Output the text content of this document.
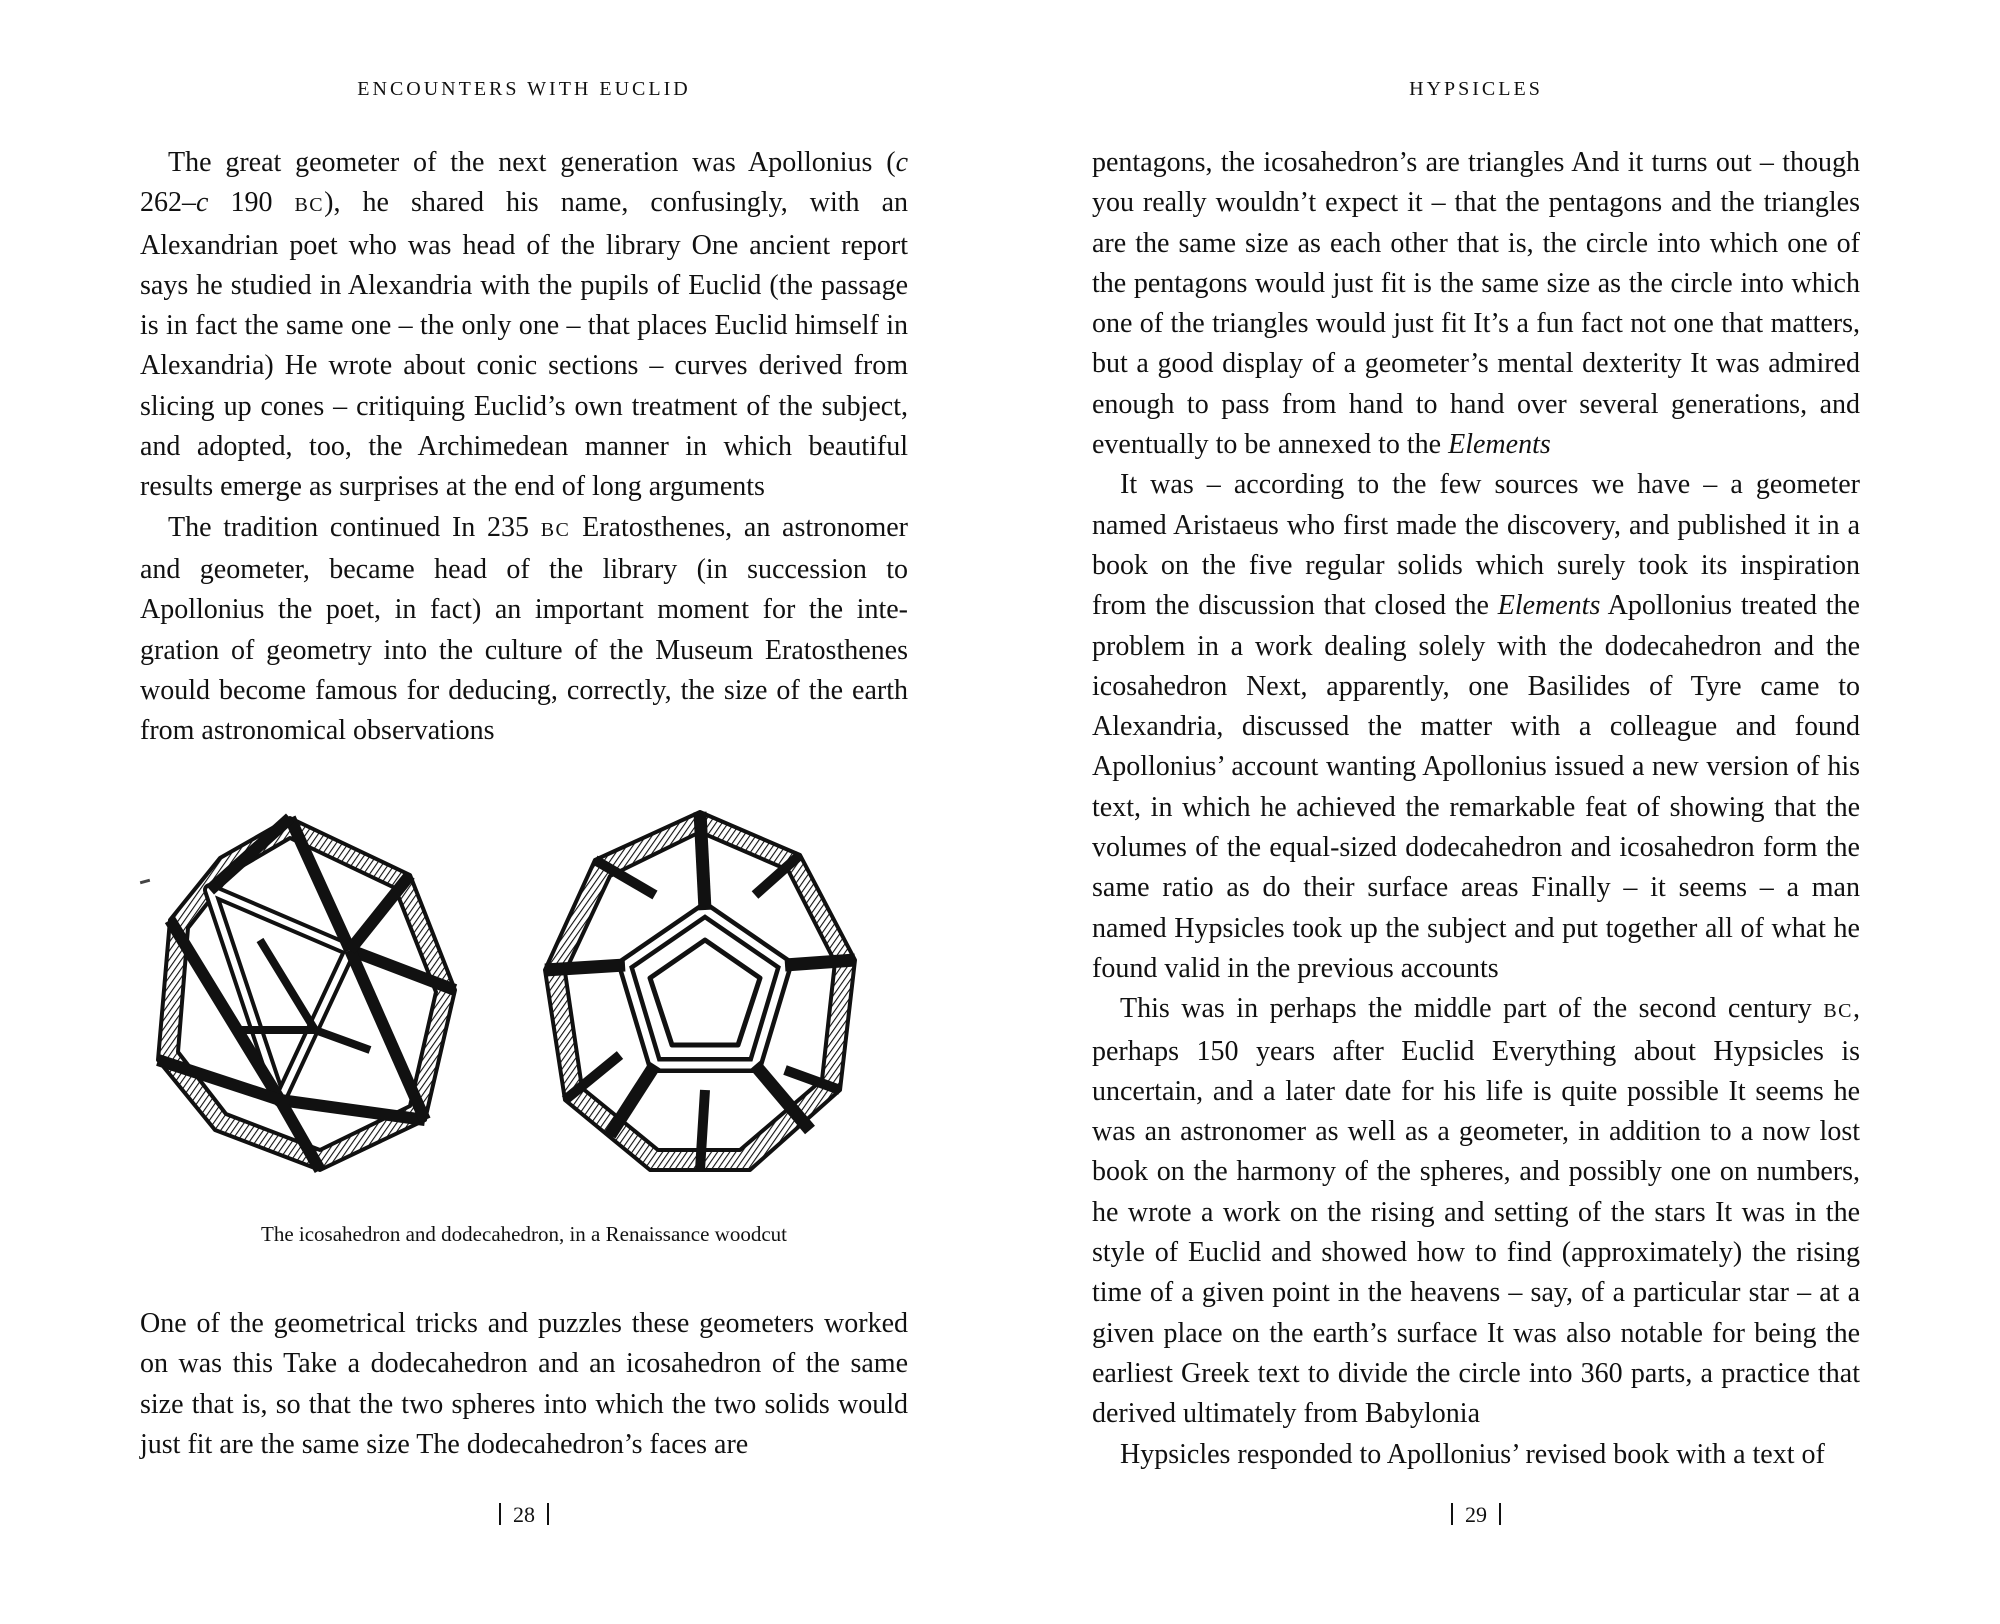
ENCOUNTERS WITH EUCLID

The great geometer of the next generation was Apollonius (c 262–c 190 BC), he shared his name, confusingly, with an Alexandrian poet who was head of the library One ancient report says he studied in Alexandria with the pupils of Euclid (the passage is in fact the same one – the only one – that places Euclid himself in Alexandria) He wrote about conic sections – curves derived from slicing up cones – critiquing Euclid’s own treatment of the subject, and adopted, too, the Archimedean manner in which beautiful results emerge as surprises at the end of long arguments

The tradition continued In 235 BC Eratosthenes, an astronomer and geometer, became head of the library (in succession to Apollonius the poet, in fact) an important moment for the integration of geometry into the culture of the Museum Eratosthenes would become famous for deducing, correctly, the size of the earth from astronomical observations

The icosahedron and dodecahedron, in a Renaissance woodcut

One of the geometrical tricks and puzzles these geometers worked on was this Take a dodecahedron and an icosahedron of the same size that is, so that the two spheres into which the two solids would just fit are the same size The dodecahedron’s faces are

28
HYPSICLES

pentagons, the icosahedron’s are triangles And it turns out – though you really wouldn’t expect it – that the pentagons and the triangles are the same size as each other that is, the circle into which one of the pentagons would just fit is the same size as the circle into which one of the triangles would just fit It’s a fun fact not one that matters, but a good display of a geometer’s mental dexterity It was admired enough to pass from hand to hand over several generations, and eventually to be annexed to the Elements

It was – according to the few sources we have – a geometer named Aristaeus who first made the discovery, and published it in a book on the five regular solids which surely took its inspiration from the discussion that closed the Elements Apollonius treated the problem in a work dealing solely with the dodecahedron and the icosahedron Next, apparently, one Basilides of Tyre came to Alexandria, discussed the matter with a colleague and found Apollonius’ account wanting Apollonius issued a new version of his text, in which he achieved the remarkable feat of showing that the volumes of the equal-sized dodecahedron and icosahedron form the same ratio as do their surface areas Finally – it seems – a man named Hypsicles took up the subject and put together all of what he found valid in the previous accounts

This was in perhaps the middle part of the second century BC, perhaps 150 years after Euclid Everything about Hypsicles is uncertain, and a later date for his life is quite possible It seems he was an astronomer as well as a geometer, in addition to a now lost book on the harmony of the spheres, and possibly one on numbers, he wrote a work on the rising and setting of the stars It was in the style of Euclid and showed how to find (approximately) the rising time of a given point in the heavens – say, of a particular star – at a given place on the earth’s surface It was also notable for being the earliest Greek text to divide the circle into 360 parts, a practice that derived ultimately from Babylonia

Hypsicles responded to Apollonius’ revised book with a text of

29
